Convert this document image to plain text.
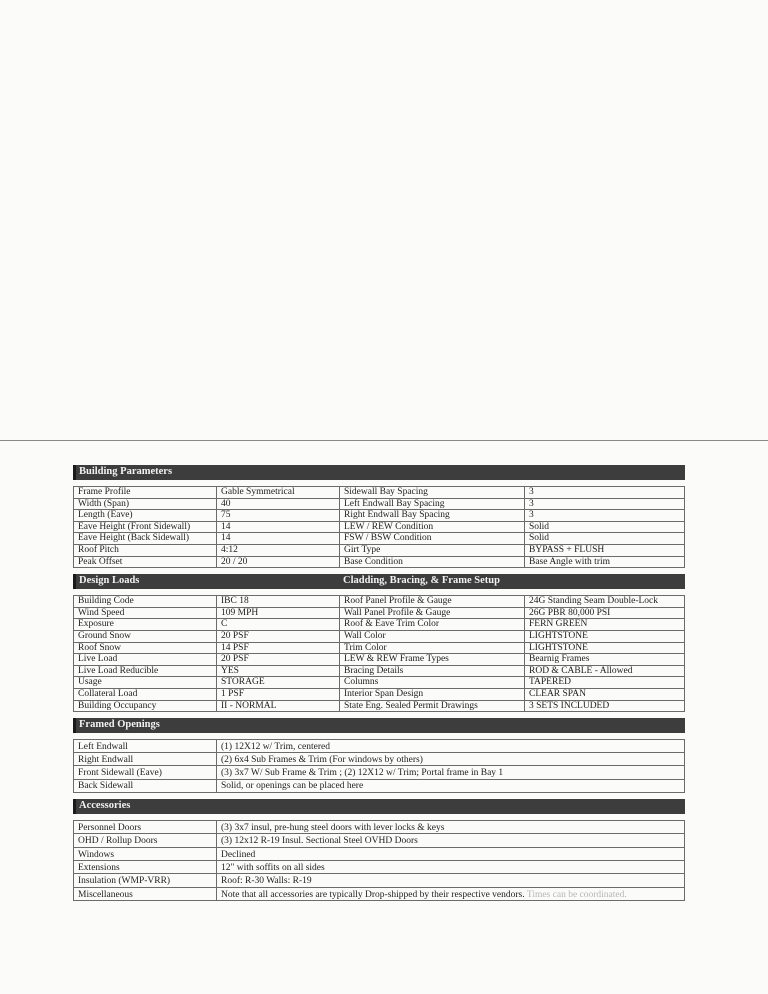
Building Parameters
Frame Profile	Gable Symmetrical	Sidewall Bay Spacing	3
Width (Span)	40	Left Endwall Bay Spacing	3
Length (Eave)	75	Right Endwall Bay Spacing	3
Eave Height (Front Sidewall)	14	LEW / REW Condition	Solid
Eave Height (Back Sidewall)	14	FSW / BSW Condition	Solid
Roof Pitch	4:12	Girt Type	BYPASS + FLUSH
Peak Offset	20 / 20	Base Condition	Base Angle with trim
Design Loads	Cladding, Bracing, & Frame Setup
Building Code	IBC 18	Roof Panel Profile & Gauge	24G Standing Seam Double-Lock
Wind Speed	109 MPH	Wall Panel Profile & Gauge	26G PBR 80,000 PSI
Exposure	C	Roof & Eave Trim Color	FERN GREEN
Ground Snow	20 PSF	Wall Color	LIGHTSTONE
Roof Snow	14 PSF	Trim Color	LIGHTSTONE
Live Load	20 PSF	LEW & REW Frame Types	Bearnig Frames
Live Load Reducible	YES	Bracing Details	ROD & CABLE - Allowed
Usage	STORAGE	Columns	TAPERED
Collateral Load	1 PSF	Interior Span Design	CLEAR SPAN
Building Occupancy	II - NORMAL	State Eng. Sealed Permit Drawings	3 SETS INCLUDED
Framed Openings
Left Endwall	(1) 12X12 w/ Trim, centered
Right Endwall	(2) 6x4 Sub Frames & Trim (For windows by others)
Front Sidewall (Eave)	(3) 3x7 W/ Sub Frame & Trim ; (2) 12X12 w/ Trim; Portal frame in Bay 1
Back Sidewall	Solid, or openings can be placed here
Accessories
Personnel Doors	(3) 3x7 insul, pre-hung steel doors with lever locks & keys
OHD / Rollup Doors	(3) 12x12 R-19 Insul. Sectional Steel OVHD Doors
Windows	Declined
Extensions	12" with soffits on all sides
Insulation (WMP-VRR)	Roof: R-30 Walls: R-19
Miscellaneous	Note that all accessories are typically Drop-shipped by their respective vendors. Times can be coordinated.
